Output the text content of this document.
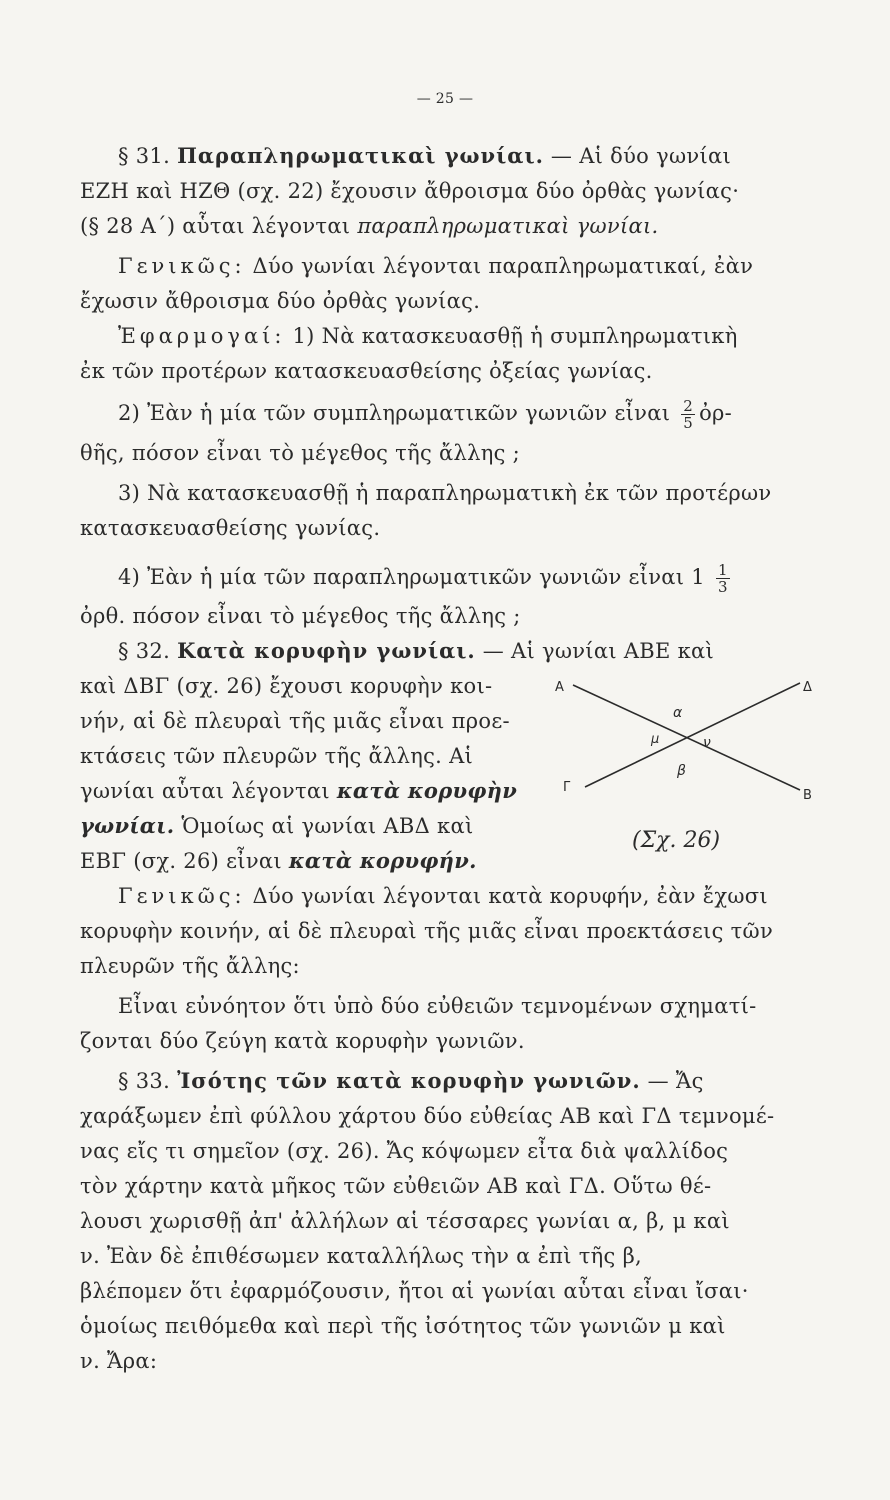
— 25 —
§ 31. Παραπληρωματικαὶ γωνίαι. — Αἱ δύο γωνίαι
ΕΖΗ καὶ ΗΖΘ (σχ. 22) ἔχουσιν ἄθροισμα δύο ὀρθὰς γωνίας·
(§ 28 Α΄) αὗται λέγονται παραπληρωματικαὶ γωνίαι.
Γενικῶς: Δύο γωνίαι λέγονται παραπληρωματικαί, ἐὰν
ἔχωσιν ἄθροισμα δύο ὀρθὰς γωνίας.
Ἐφαρμογαί: 1) Νὰ κατασκευασθῇ ἡ συμπληρωματικὴ
ἐκ τῶν προτέρων κατασκευασθείσης ὀξείας γωνίας.
2) Ἐὰν ἡ μία τῶν συμπληρωματικῶν γωνιῶν εἶναι $\frac{2}{5}$ ὀρ-
θῆς, πόσον εἶναι τὸ μέγεθος τῆς ἄλλης ;
3) Νὰ κατασκευασθῇ ἡ παραπληρωματικὴ ἐκ τῶν προτέρων
κατασκευασθείσης γωνίας.
4) Ἐὰν ἡ μία τῶν παραπληρωματικῶν γωνιῶν εἶναι $1 \frac{1}{3}$
ὀρθ. πόσον εἶναι τὸ μέγεθος τῆς ἄλλης ;
§ 32. Κατὰ κορυφὴν γωνίαι. — Αἱ γωνίαι ΑΒΕ καὶ
καὶ ΔΒΓ (σχ. 26) ἔχουσι κορυφὴν κοι-
νήν, αἱ δὲ πλευραὶ τῆς μιᾶς εἶναι προε-
κτάσεις τῶν πλευρῶν τῆς ἄλλης. Αἱ
γωνίαι αὗται λέγονται κατὰ κορυφὴν
γωνίαι. Ὁμοίως αἱ γωνίαι ΑΒΔ καὶ
ΕΒΓ (σχ. 26) εἶναι κατὰ κορυφήν.
Α	Δ
Γ
Β
α
β
μ	ν
(Σχ. 26)
Γενικῶς: Δύο γωνίαι λέγονται κατὰ κορυφήν, ἐὰν ἔχωσι
κορυφὴν κοινήν, αἱ δὲ πλευραὶ τῆς μιᾶς εἶναι προεκτάσεις τῶν
πλευρῶν τῆς ἄλλης:
Εἶναι εὐνόητον ὅτι ὑπὸ δύο εὐθειῶν τεμνομένων σχηματί-
ζονται δύο ζεύγη κατὰ κορυφὴν γωνιῶν.
§ 33. Ἰσότης τῶν κατὰ κορυφὴν γωνιῶν. — Ἄς
χαράξωμεν ἐπὶ φύλλου χάρτου δύο εὐθείας ΑΒ καὶ ΓΔ τεμνομέ-
νας εἴς τι σημεῖον (σχ. 26). Ἄς κόψωμεν εἶτα διὰ ψαλλίδος
τὸν χάρτην κατὰ μῆκος τῶν εὐθειῶν ΑΒ καὶ ΓΔ. Οὕτω θέ-
λουσι χωρισθῇ ἀπ' ἀλλήλων αἱ τέσσαρες γωνίαι α, β, μ καὶ
ν. Ἐὰν δὲ ἐπιθέσωμεν καταλλήλως τὴν α ἐπὶ τῆς β,
βλέπομεν ὅτι ἐφαρμόζουσιν, ἤτοι αἱ γωνίαι αὗται εἶναι ἴσαι·
ὁμοίως πειθόμεθα καὶ περὶ τῆς ἰσότητος τῶν γωνιῶν μ καὶ
ν. Ἄρα:
